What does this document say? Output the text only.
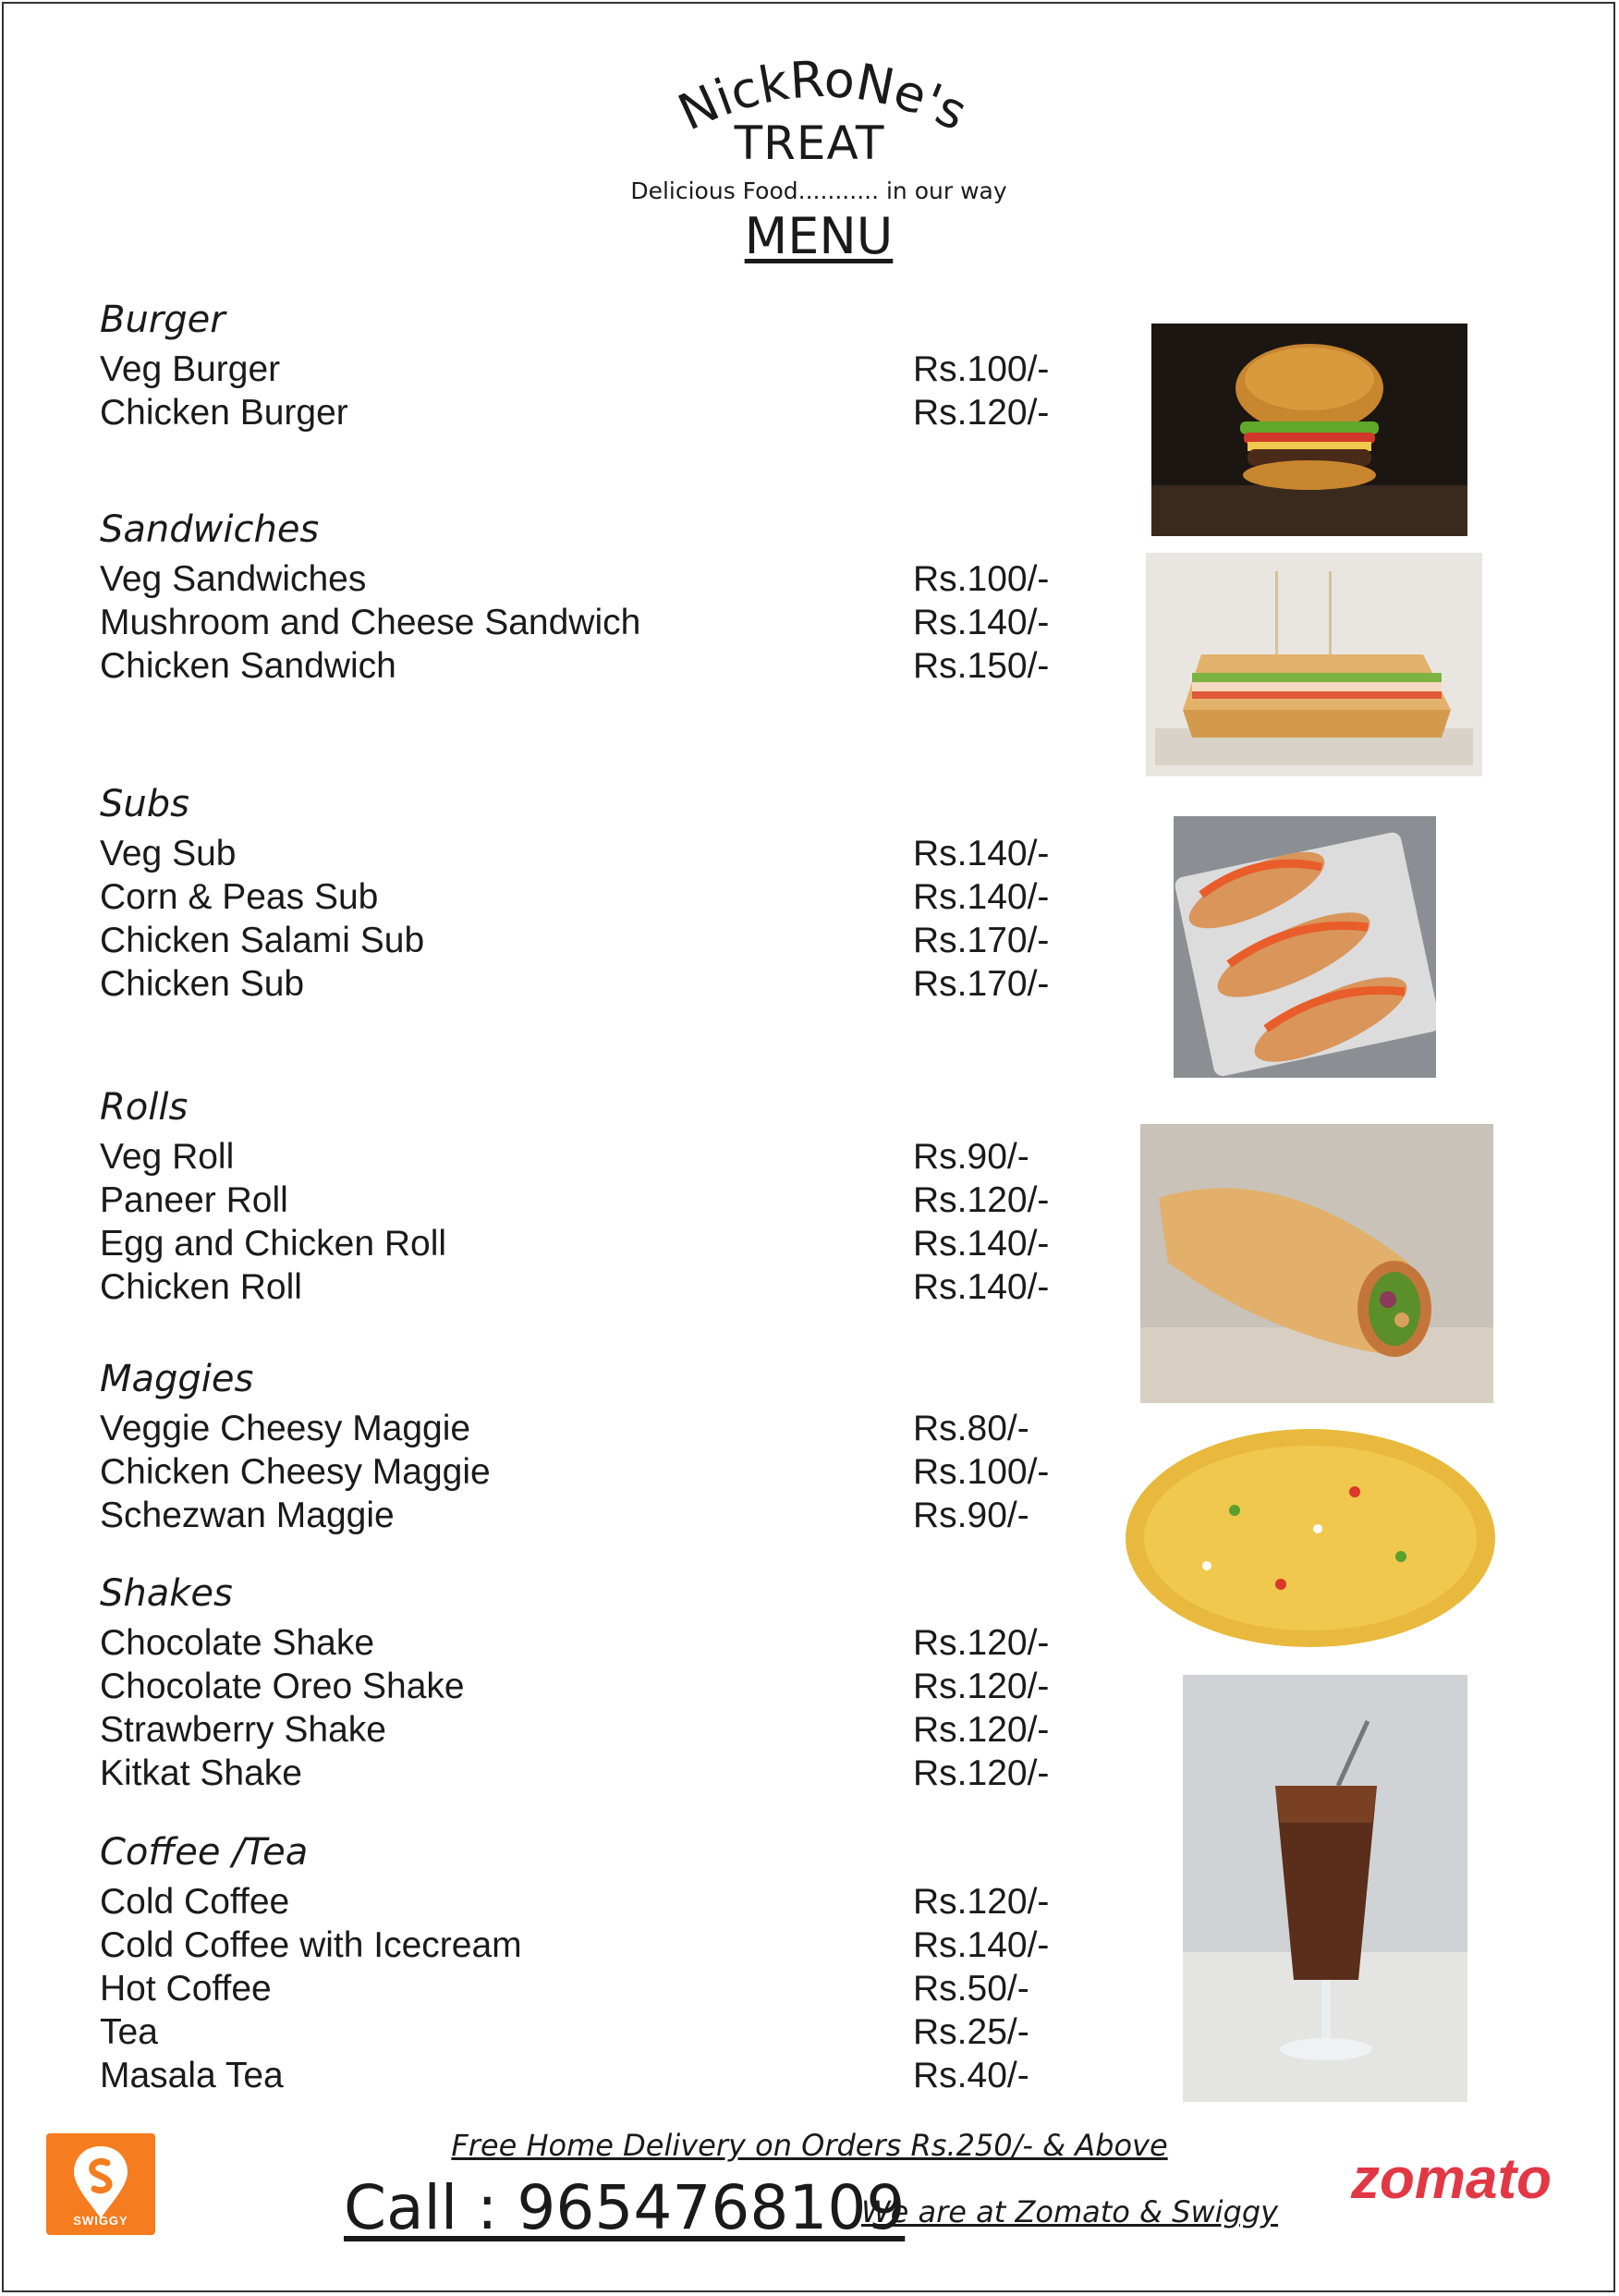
NickRoNe's
TREAT
Delicious Food........... in our way
MENU
Burger
Veg Burger	Rs.100/-
Chicken Burger	Rs.120/-
Sandwiches
Veg Sandwiches	Rs.100/-
Mushroom and Cheese Sandwich	Rs.140/-
Chicken Sandwich	Rs.150/-
Subs
Veg Sub	Rs.140/-
Corn & Peas Sub	Rs.140/-
Chicken Salami Sub	Rs.170/-
Chicken Sub	Rs.170/-
Rolls
Veg Roll	Rs.90/-
Paneer Roll	Rs.120/-
Egg and Chicken Roll	Rs.140/-
Chicken Roll	Rs.140/-
Maggies
Veggie Cheesy Maggie	Rs.80/-
Chicken Cheesy Maggie	Rs.100/-
Schezwan Maggie	Rs.90/-
Shakes
Chocolate Shake	Rs.120/-
Chocolate Oreo Shake	Rs.120/-
Strawberry Shake	Rs.120/-
Kitkat Shake	Rs.120/-
Coffee /Tea
Cold Coffee	Rs.120/-
Cold Coffee with Icecream	Rs.140/-
Hot Coffee	Rs.50/-
Tea	Rs.25/-
Masala Tea	Rs.40/-
Free Home Delivery on Orders Rs.250/- & Above
Call : 9654768109
We are at Zomato & Swiggy
SWIGGY
zomato
